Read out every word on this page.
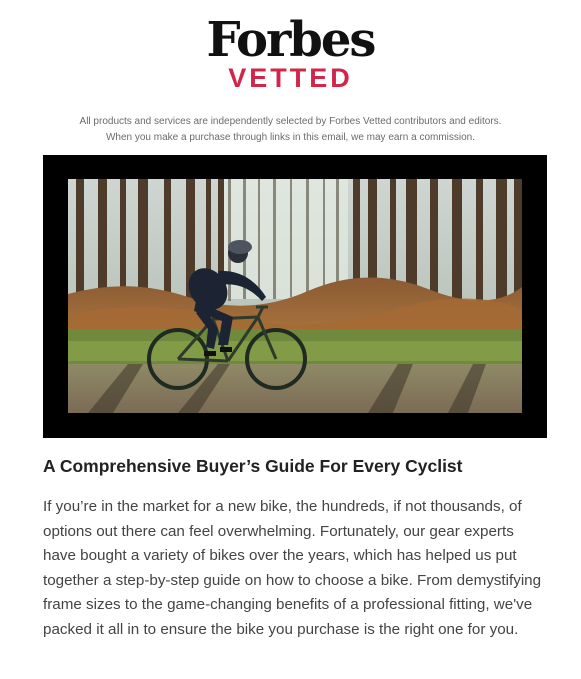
Forbes
VETTED
All products and services are independently selected by Forbes Vetted contributors and editors.
When you make a purchase through links in this email, we may earn a commission.
A Comprehensive Buyer’s Guide For Every Cyclist

If you’re in the market for a new bike, the hundreds, if not thousands, of options out there can feel overwhelming. Fortunately, our gear experts have bought a variety of bikes over the years, which has helped us put together a step-by-step guide on how to choose a bike. From demystifying frame sizes to the game-changing benefits of a professional fitting, we've packed it all in to ensure the bike you purchase is the right one for you.
